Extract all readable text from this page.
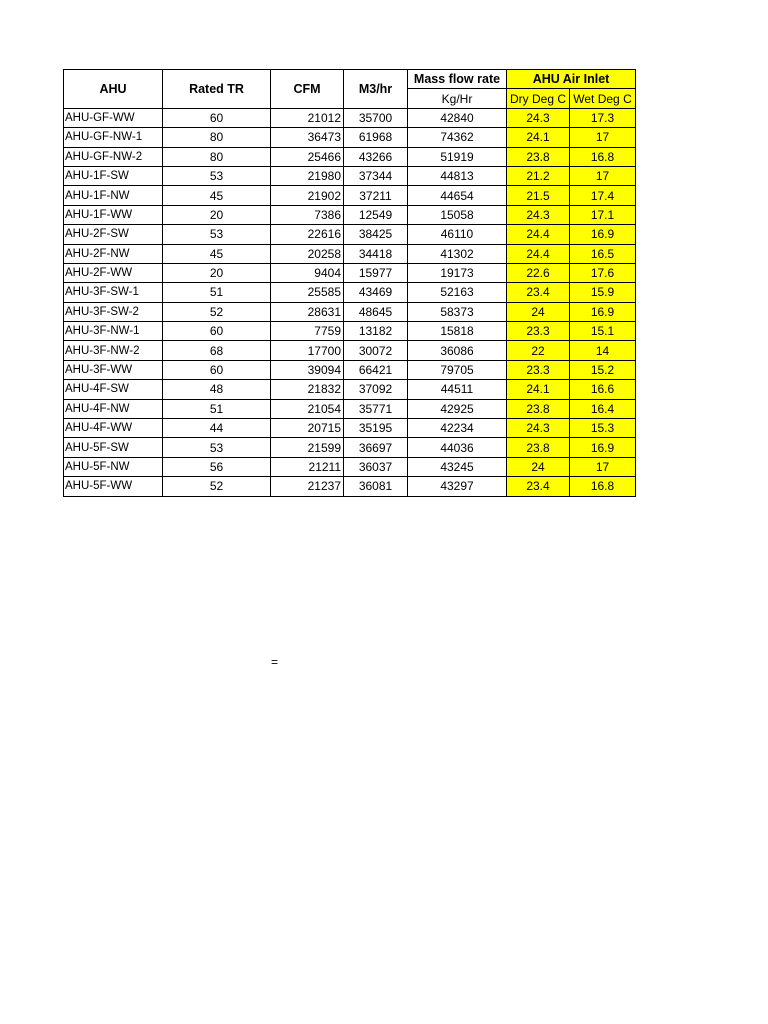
AHU	Rated TR	CFM	M3/hr	Mass flow rate	AHU Air Inlet	
				Kg/Hr	Dry Deg C	Wet Deg C
AHU-GF-WW	60	21012	35700	42840	24.3	17.3
AHU-GF-NW-1	80	36473	61968	74362	24.1	17
AHU-GF-NW-2	80	25466	43266	51919	23.8	16.8
AHU-1F-SW	53	21980	37344	44813	21.2	17
AHU-1F-NW	45	21902	37211	44654	21.5	17.4
AHU-1F-WW	20	7386	12549	15058	24.3	17.1
AHU-2F-SW	53	22616	38425	46110	24.4	16.9
AHU-2F-NW	45	20258	34418	41302	24.4	16.5
AHU-2F-WW	20	9404	15977	19173	22.6	17.6
AHU-3F-SW-1	51	25585	43469	52163	23.4	15.9
AHU-3F-SW-2	52	28631	48645	58373	24	16.9
AHU-3F-NW-1	60	7759	13182	15818	23.3	15.1
AHU-3F-NW-2	68	17700	30072	36086	22	14
AHU-3F-WW	60	39094	66421	79705	23.3	15.2
AHU-4F-SW	48	21832	37092	44511	24.1	16.6
AHU-4F-NW	51	21054	35771	42925	23.8	16.4
AHU-4F-WW	44	20715	35195	42234	24.3	15.3
AHU-5F-SW	53	21599	36697	44036	23.8	16.9
AHU-5F-NW	56	21211	36037	43245	24	17
AHU-5F-WW	52	21237	36081	43297	23.4	16.8
=
